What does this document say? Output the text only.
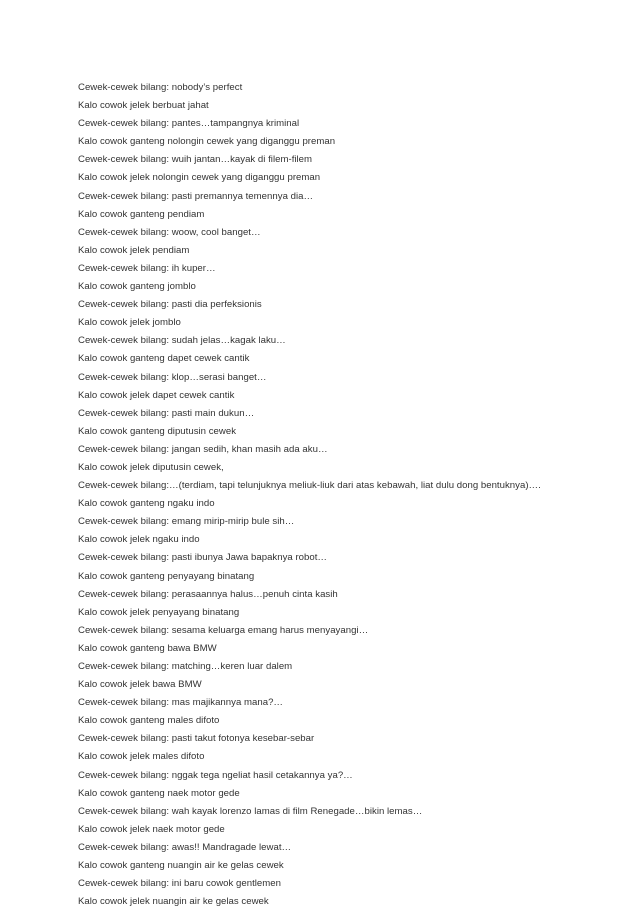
Cewek-cewek bilang: nobody’s perfect
Kalo cowok jelek berbuat jahat
Cewek-cewek bilang: pantes…tampangnya kriminal
Kalo cowok ganteng nolongin cewek yang diganggu preman
Cewek-cewek bilang: wuih jantan…kayak di filem-filem
Kalo cowok jelek nolongin cewek yang diganggu preman
Cewek-cewek bilang: pasti premannya temennya dia…
Kalo cowok ganteng pendiam
Cewek-cewek bilang: woow, cool banget…
Kalo cowok jelek pendiam
Cewek-cewek bilang: ih kuper…
Kalo cowok ganteng jomblo
Cewek-cewek bilang: pasti dia perfeksionis
Kalo cowok jelek jomblo
Cewek-cewek bilang: sudah jelas…kagak laku…
Kalo cowok ganteng dapet cewek cantik
Cewek-cewek bilang: klop…serasi banget…
Kalo cowok jelek dapet cewek cantik
Cewek-cewek bilang: pasti main dukun…
Kalo cowok ganteng diputusin cewek
Cewek-cewek bilang: jangan sedih, khan masih ada aku…
Kalo cowok jelek diputusin cewek,
Cewek-cewek bilang:…(terdiam, tapi telunjuknya meliuk-liuk dari atas kebawah, liat dulu dong bentuknya)….
Kalo cowok ganteng ngaku indo
Cewek-cewek bilang: emang mirip-mirip bule sih…
Kalo cowok jelek ngaku indo
Cewek-cewek bilang: pasti ibunya Jawa bapaknya robot…
Kalo cowok ganteng penyayang binatang
Cewek-cewek bilang: perasaannya halus…penuh cinta kasih
Kalo cowok jelek penyayang binatang
Cewek-cewek bilang: sesama keluarga emang harus menyayangi…
Kalo cowok ganteng bawa BMW
Cewek-cewek bilang: matching…keren luar dalem
Kalo cowok jelek bawa BMW
Cewek-cewek bilang: mas majikannya mana?…
Kalo cowok ganteng males difoto
Cewek-cewek bilang: pasti takut fotonya kesebar-sebar
Kalo cowok jelek males difoto
Cewek-cewek bilang: nggak tega ngeliat hasil cetakannya ya?…
Kalo cowok ganteng naek motor gede
Cewek-cewek bilang: wah kayak lorenzo lamas di film Renegade…bikin lemas…
Kalo cowok jelek naek motor gede
Cewek-cewek bilang: awas!! Mandragade lewat…
Kalo cowok ganteng nuangin air ke gelas cewek
Cewek-cewek bilang: ini baru cowok gentlemen
Kalo cowok jelek nuangin air ke gelas cewek
